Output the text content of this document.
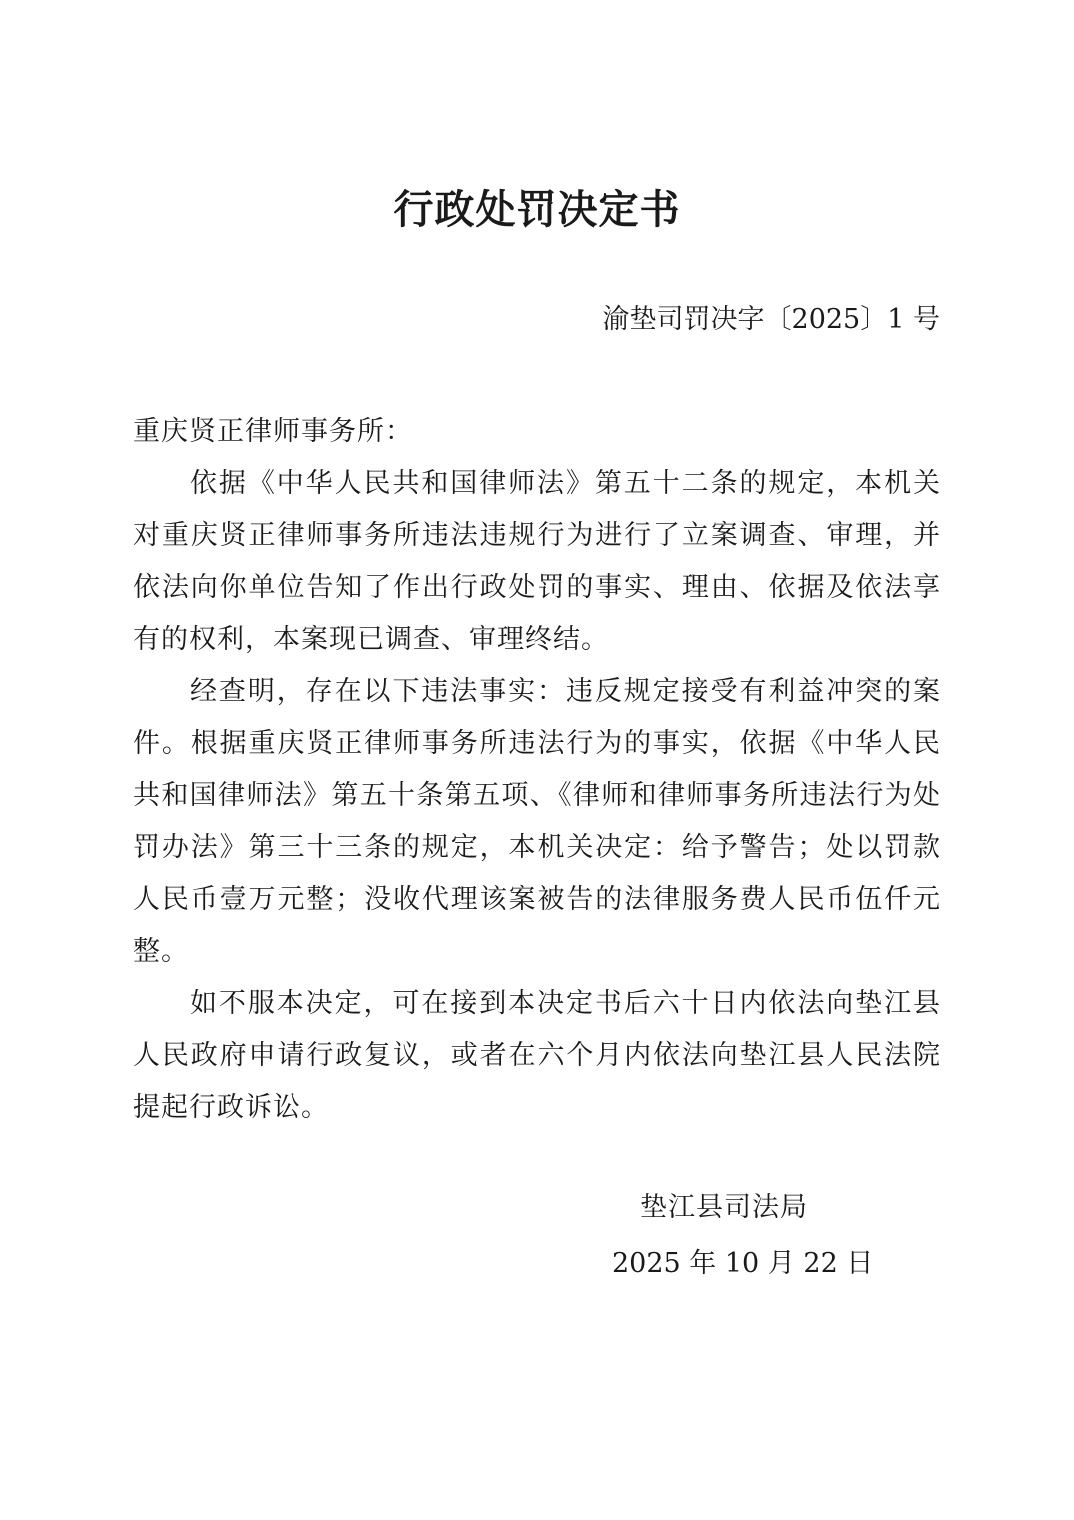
行政处罚决定书
渝垫司罚决字〔2025〕1 号

重庆贤正律师事务所：

依据《中华人民共和国律师法》第五十二条的规定，本机关对重庆贤正律师事务所违法违规行为进行了立案调查、审理，并依法向你单位告知了作出行政处罚的事实、理由、依据及依法享有的权利，本案现已调查、审理终结。

经查明，存在以下违法事实：违反规定接受有利益冲突的案件。根据重庆贤正律师事务所违法行为的事实，依据《中华人民共和国律师法》第五十条第五项、《律师和律师事务所违法行为处罚办法》第三十三条的规定，本机关决定：给予警告；处以罚款人民币壹万元整；没收代理该案被告的法律服务费人民币伍仟元整。

如不服本决定，可在接到本决定书后六十日内依法向垫江县人民政府申请行政复议，或者在六个月内依法向垫江县人民法院提起行政诉讼。

垫江县司法局
2025 年 10 月 22 日
